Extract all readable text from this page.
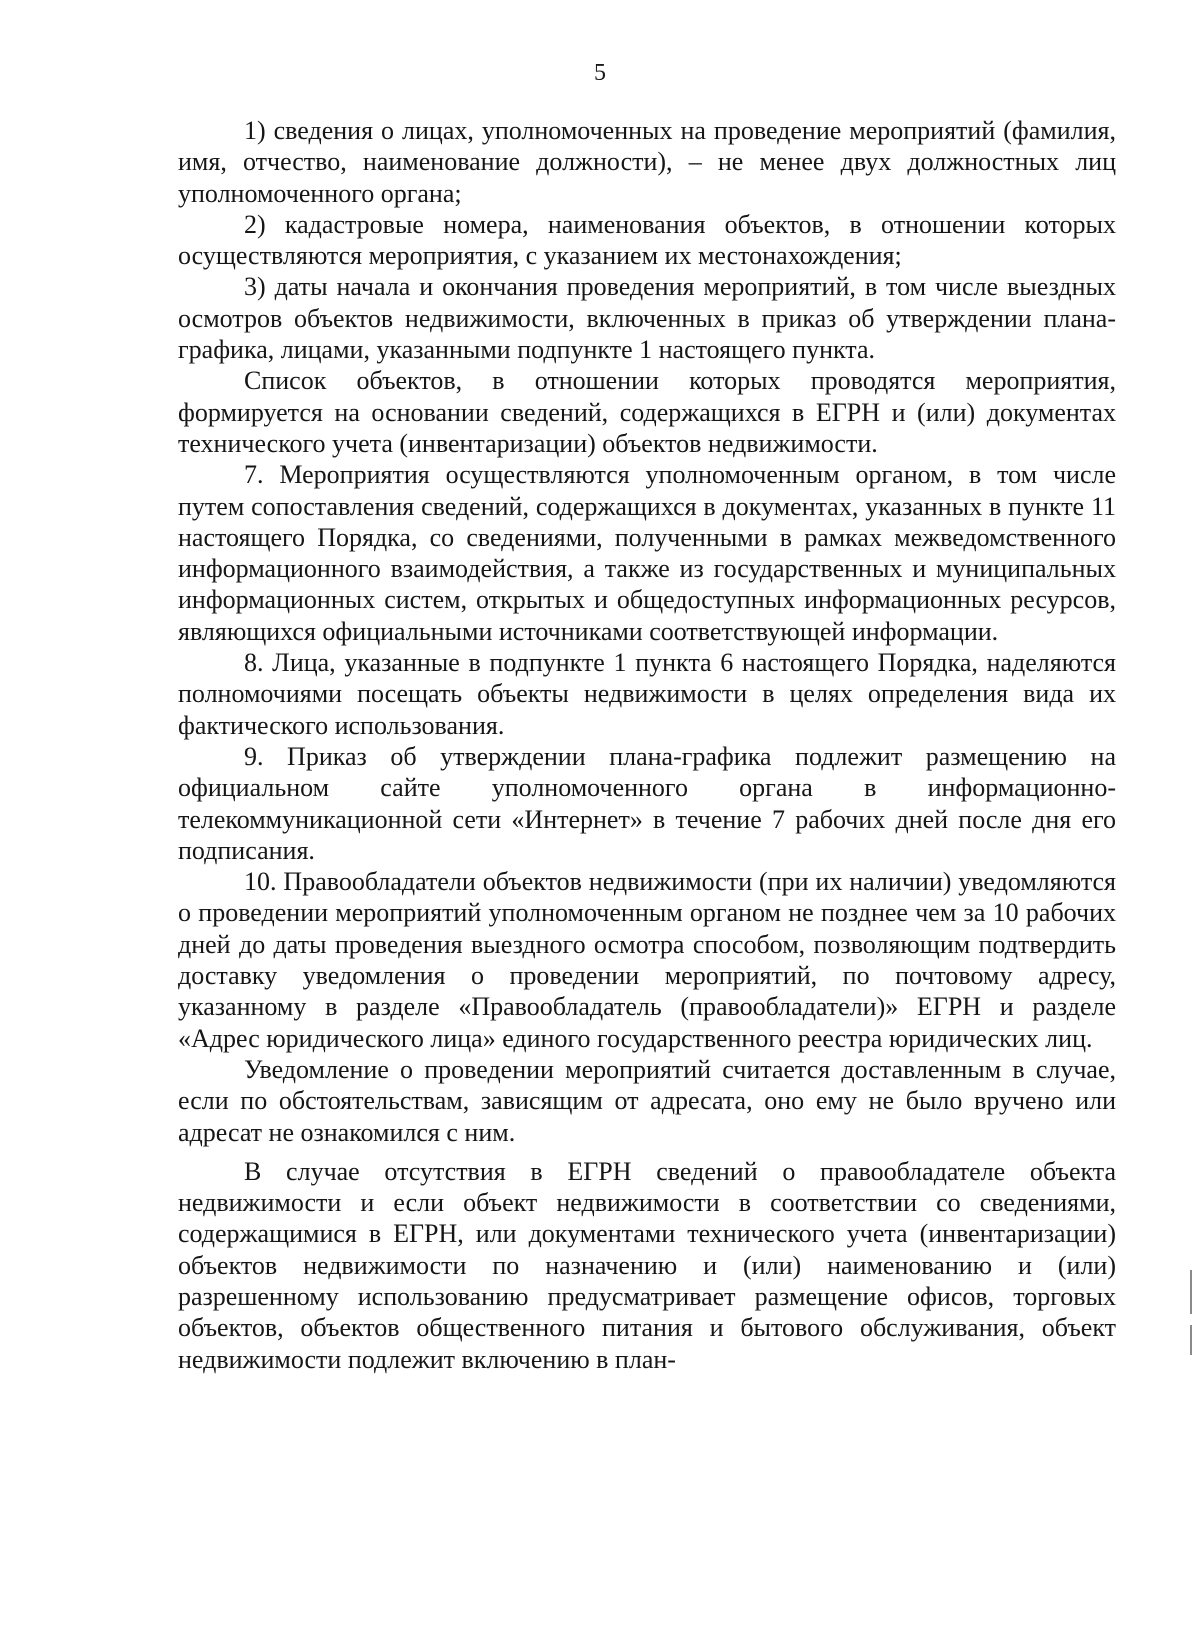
5

1) сведения о лицах, уполномоченных на проведение мероприятий (фамилия, имя, отчество, наименование должности), – не менее двух должностных лиц уполномоченного органа;

2) кадастровые номера, наименования объектов, в отношении которых осуществляются мероприятия, с указанием их местонахождения;

3) даты начала и окончания проведения мероприятий, в том числе выездных осмотров объектов недвижимости, включенных в приказ об утверждении плана-графика, лицами, указанными подпункте 1 настоящего пункта.

Список объектов, в отношении которых проводятся мероприятия, формируется на основании сведений, содержащихся в ЕГРН и (или) документах технического учета (инвентаризации) объектов недвижимости.

7. Мероприятия осуществляются уполномоченным органом, в том числе путем сопоставления сведений, содержащихся в документах, указанных в пункте 11 настоящего Порядка, со сведениями, полученными в рамках межведомственного информационного взаимодействия, а также из государственных и муниципальных информационных систем, открытых и общедоступных информационных ресурсов, являющихся официальными источниками соответствующей информации.

8. Лица, указанные в подпункте 1 пункта 6 настоящего Порядка, наделяются полномочиями посещать объекты недвижимости в целях определения вида их фактического использования.

9. Приказ об утверждении плана-графика подлежит размещению на официальном сайте уполномоченного органа в информационно-телекоммуникационной сети «Интернет» в течение 7 рабочих дней после дня его подписания.

10. Правообладатели объектов недвижимости (при их наличии) уведомляются о проведении мероприятий уполномоченным органом не позднее чем за 10 рабочих дней до даты проведения выездного осмотра способом, позволяющим подтвердить доставку уведомления о проведении мероприятий, по почтовому адресу, указанному в разделе «Правообладатель (правообладатели)» ЕГРН и разделе «Адрес юридического лица» единого государственного реестра юридических лиц.

Уведомление о проведении мероприятий считается доставленным в случае, если по обстоятельствам, зависящим от адресата, оно ему не было вручено или адресат не ознакомился с ним.

В случае отсутствия в ЕГРН сведений о правообладателе объекта недвижимости и если объект недвижимости в соответствии со сведениями, содержащимися в ЕГРН, или документами технического учета (инвентаризации) объектов недвижимости по назначению и (или) наименованию и (или) разрешенному использованию предусматривает размещение офисов, торговых объектов, объектов общественного питания и бытового обслуживания, объект недвижимости подлежит включению в план-
